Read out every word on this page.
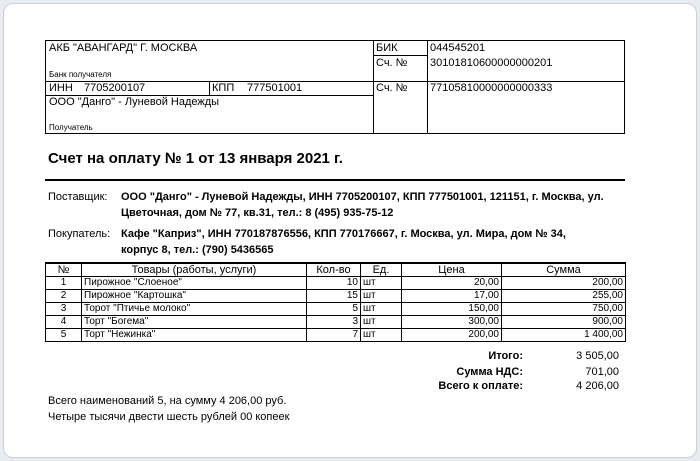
АКБ "АВАНГАРД" Г. МОСКВА
Банк получателя
БИК	044545201
Сч. № 30101810600000000201
ИНН 7705200107	КПП 777501001	Сч. № 77105810000000000333
ООО "Данго" - Луневой Надежды
Получатель
Счет на оплату № 1 от 13 января 2021 г.
Поставщик: ООО "Данго" - Луневой Надежды, ИНН 7705200107, КПП 777501001, 121151, г. Москва, ул.
Цветочная, дом № 77, кв.31, тел.: 8 (495) 935-75-12
Покупатель: Кафе "Каприз", ИНН 770187876556, КПП 770176667, г. Москва, ул. Мира, дом № 34,
корпус 8, тел.: (790) 5436565
№	Товары (работы, услуги)	Кол-во	Ед.	Цена	Сумма
1	Пирожное "Слоеное"	10	шт	20,00	200,00
2	Пирожное "Картошка"	15	шт	17,00	255,00
3	Торот "Птичье молоко"	5	шт	150,00	750,00
4	Торт "Богема"	3	шт	300,00	900,00
5	Торт "Нежинка"	7	шт	200,00	1 400,00
Итого:	3 505,00
Сумма НДС:	701,00
Всего к оплате:	4 206,00
Всего наименований 5, на сумму 4 206,00 руб.
Четыре тысячи двести шесть рублей 00 копеек
